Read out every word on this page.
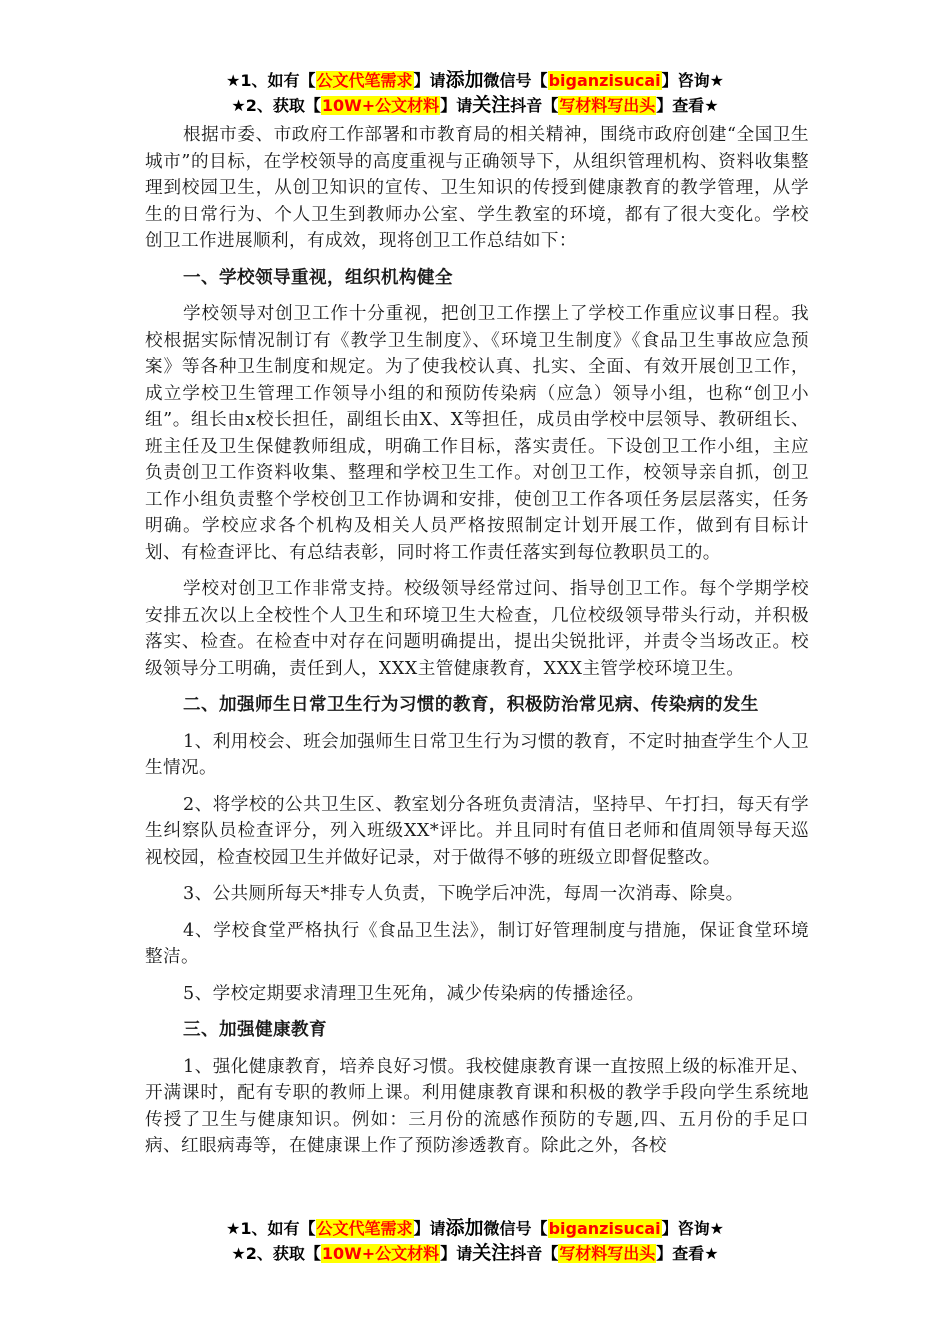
★1、如有【公文代笔需求】请添加微信号【biganzisucai】咨询★
★2、获取【10W+公文材料】请关注抖音【写材料写出头】查看★

根据市委、市政府工作部署和市教育局的相关精神，围绕市政府创建“全国卫生城市”的目标，在学校领导的高度重视与正确领导下，从组织管理机构、资料收集整理到校园卫生，从创卫知识的宣传、卫生知识的传授到健康教育的教学管理，从学生的日常行为、个人卫生到教师办公室、学生教室的环境，都有了很大变化。学校创卫工作进展顺利，有成效，现将创卫工作总结如下：

一、学校领导重视，组织机构健全

学校领导对创卫工作十分重视，把创卫工作摆上了学校工作重应议事日程。我校根据实际情况制订有《教学卫生制度》、《环境卫生制度》《食品卫生事故应急预案》等各种卫生制度和规定。为了使我校认真、扎实、全面、有效开展创卫工作，成立学校卫生管理工作领导小组的和预防传染病（应急）领导小组，也称“创卫小组”。组长由x校长担任，副组长由X、X等担任，成员由学校中层领导、教研组长、班主任及卫生保健教师组成，明确工作目标，落实责任。下设创卫工作小组，主应负责创卫工作资料收集、整理和学校卫生工作。对创卫工作，校领导亲自抓，创卫工作小组负责整个学校创卫工作协调和安排，使创卫工作各项任务层层落实，任务明确。学校应求各个机构及相关人员严格按照制定计划开展工作，做到有目标计划、有检查评比、有总结表彰，同时将工作责任落实到每位教职员工的。

学校对创卫工作非常支持。校级领导经常过问、指导创卫工作。每个学期学校安排五次以上全校性个人卫生和环境卫生大检查，几位校级领导带头行动，并积极落实、检查。在检查中对存在问题明确提出，提出尖锐批评，并责令当场改正。校级领导分工明确，责任到人，XXX主管健康教育，XXX主管学校环境卫生。

二、加强师生日常卫生行为习惯的教育，积极防治常见病、传染病的发生

1、利用校会、班会加强师生日常卫生行为习惯的教育，不定时抽查学生个人卫生情况。

2、将学校的公共卫生区、教室划分各班负责清洁，坚持早、午打扫，每天有学生纠察队员检查评分，列入班级XX*评比。并且同时有值日老师和值周领导每天巡视校园，检查校园卫生并做好记录，对于做得不够的班级立即督促整改。

3、公共厕所每天*排专人负责，下晚学后冲洗，每周一次消毒、除臭。

4、学校食堂严格执行《食品卫生法》，制订好管理制度与措施，保证食堂环境整洁。

5、学校定期要求清理卫生死角，减少传染病的传播途径。

三、加强健康教育

1、强化健康教育，培养良好习惯。我校健康教育课一直按照上级的标准开足、开满课时，配有专职的教师上课。利用健康教育课和积极的教学手段向学生系统地传授了卫生与健康知识。例如：三月份的流感作预防的专题,四、五月份的手足口病、红眼病毒等，在健康课上作了预防渗透教育。除此之外，各校

★1、如有【公文代笔需求】请添加微信号【biganzisucai】咨询★
★2、获取【10W+公文材料】请关注抖音【写材料写出头】查看★
